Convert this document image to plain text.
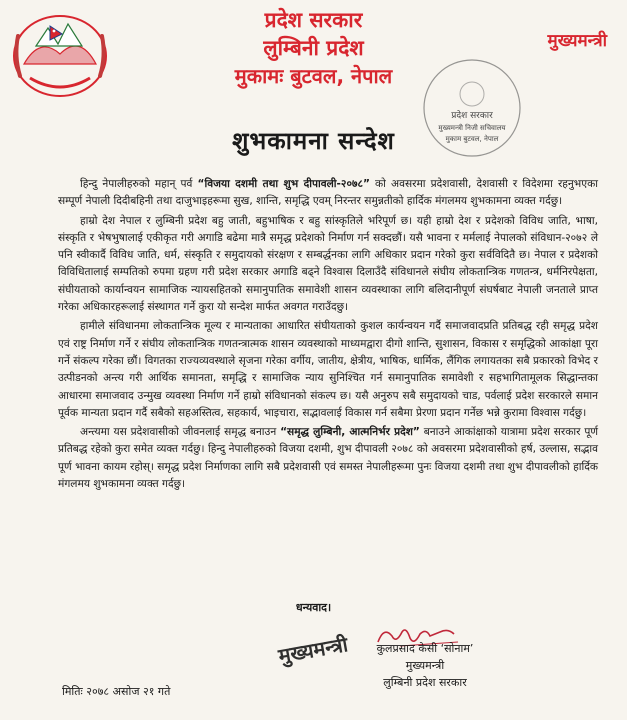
प्रदेश सरकार
लुम्बिनी प्रदेश
मुकामः बुटवल, नेपाल
मुख्यमन्त्री
प्रदेश सरकार
मुख्यमन्त्री निजी सचिवालय
मुकाम बुटवल, नेपाल
शुभकामना सन्देश

हिन्दु नेपालीहरुको महान् पर्व “विजया दशमी तथा शुभ दीपावली-२०७८” को अवसरमा प्रदेशवासी, देशवासी र विदेशमा रहनुभएका सम्पूर्ण नेपाली दिदीबहिनी तथा दाजुभाइहरूमा सुख, शान्ति, समृद्धि एवम् निरन्तर समुन्नतीको हार्दिक मंगलमय शुभकामना व्यक्त गर्दछु।

हाम्रो देश नेपाल र लुम्बिनी प्रदेश बहु जाती, बहुभाषिक र बहु सांस्कृतिले भरिपूर्ण छ। यही हाम्रो देश र प्रदेशको विविध जाति, भाषा, संस्कृति र भेषभुषालाई एकीकृत गरी अगाडि बढेमा मात्रै समृद्ध प्रदेशको निर्माण गर्न सक्दछौं। यसै भावना र मर्मलाई नेपालको संविधान-२०७२ ले पनि स्वीकार्दै विविध जाति, धर्म, संस्कृति र समुदायको संरक्षण र सम्बर्द्धनका लागि अधिकार प्रदान गरेको कुरा सर्वविदितै छ। नेपाल र प्रदेशको विविधितालाई सम्पतिको रुपमा ग्रहण गरी प्रदेश सरकार अगाडि बढ्ने विश्वास दिलाउँदै संविधानले संघीय लोकतान्त्रिक गणतन्त्र, धर्मनिरपेक्षता, संघीयताको कार्यान्वयन सामाजिक न्यायसहितको समानुपातिक समावेशी शासन व्यवस्थाका लागि बलिदानीपूर्ण संघर्षबाट नेपाली जनताले प्राप्त गरेका अधिकारहरूलाई संस्थागत गर्ने कुरा यो सन्देश मार्फत अवगत गराउँदछु।

हामीले संविधानमा लोकतान्त्रिक मूल्य र मान्यताका आधारित संघीयताको कुशल कार्यन्वयन गर्दै समाजवादप्रति प्रतिबद्ध रही समृद्ध प्रदेश एवं राष्ट्र निर्माण गर्ने र संघीय लोकतान्त्रिक गणतन्त्रात्मक शासन व्यवस्थाको माध्यमद्वारा दीगो शान्ति, सुशासन, विकास र समृद्धिको आकांक्षा पूरा गर्ने संकल्प गरेका छौं। विगतका राज्यव्यवस्थाले सृजना गरेका वर्गीय, जातीय, क्षेत्रीय, भाषिक, धार्मिक, लैंगिक लगायतका सबै प्रकारको विभेद र उत्पीडनको अन्त्य गरी आर्थिक समानता, समृद्धि र सामाजिक न्याय सुनिश्चित गर्न समानुपातिक समावेशी र सहभागितामूलक सिद्धान्तका आधारमा समाजवाद उन्मुख व्यवस्था निर्माण गर्ने हाम्रो संविधानको संकल्प छ। यसै अनुरुप सबै समुदायको चाड, पर्वलाई प्रदेश सरकारले समान पूर्वक मान्यता प्रदान गर्दै सबैको सहअस्तित्व, सहकार्य, भाइचारा, सद्भावलाई विकास गर्न सबैमा प्रेरणा प्रदान गर्नेछ भन्ने कुरामा विश्वास गर्दछु।

अन्त्यमा यस प्रदेशवासीको जीवनलाई समृद्ध बनाउन “समृद्ध लुम्बिनी, आत्मनिर्भर प्रदेश” बनाउने आकांक्षाको यात्रामा प्रदेश सरकार पूर्ण प्रतिबद्ध रहेको कुरा समेत व्यक्त गर्दछु। हिन्दु नेपालीहरुको विजया दशमी, शुभ दीपावली २०७८ को अवसरमा प्रदेशवासीको हर्ष, उल्लास, सद्भाव पूर्ण भावना कायम रहोस्। समृद्ध प्रदेश निर्माणका लागि सबै प्रदेशवासी एवं समस्त नेपालीहरूमा पुनः विजया दशमी तथा शुभ दीपावलीको हार्दिक मंगलमय शुभकामना व्यक्त गर्दछु।

धन्यवाद।
मुख्यमन्त्री	कुलप्रसाद केसी ‘सोनाम’
मुख्यमन्त्री
लुम्बिनी प्रदेश सरकार
मितिः २०७८ असोज २१ गते
